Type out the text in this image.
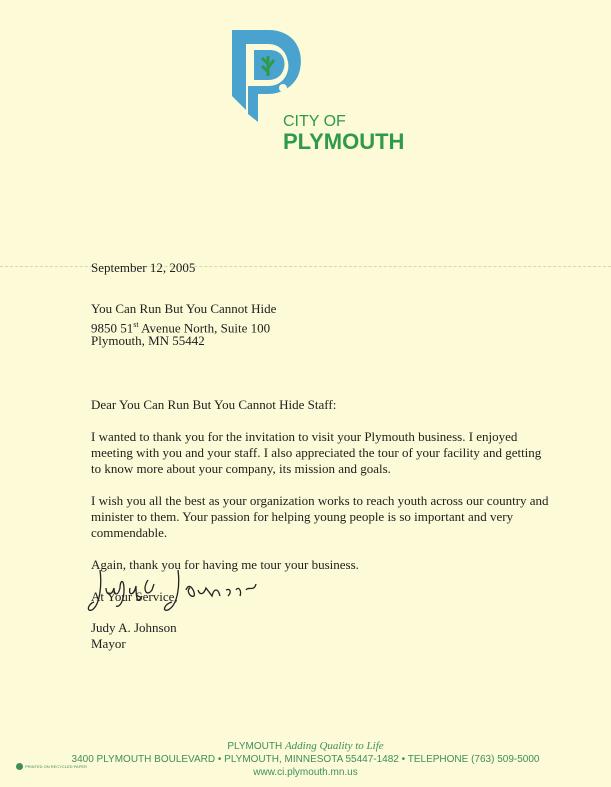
CITY OF
PLYMOUTH
September 12, 2005
You Can Run But You Cannot Hide
9850 51st Avenue North, Suite 100
Plymouth, MN 55442
Dear You Can Run But You Cannot Hide Staff:
I wanted to thank you for the invitation to visit your Plymouth business. I enjoyed
meeting with you and your staff. I also appreciated the tour of your facility and getting
to know more about your company, its mission and goals.
I wish you all the best as your organization works to reach youth across our country and
minister to them. Your passion for helping young people is so important and very
commendable.
Again, thank you for having me tour your business.
At Your Service,
Judy A. Johnson
Mayor
PLYMOUTH Adding Quality to Life
3400 PLYMOUTH BOULEVARD • PLYMOUTH, MINNESOTA 55447-1482 • TELEPHONE (763) 509-5000
www.ci.plymouth.mn.us
PRINTED ON RECYCLED PAPER
